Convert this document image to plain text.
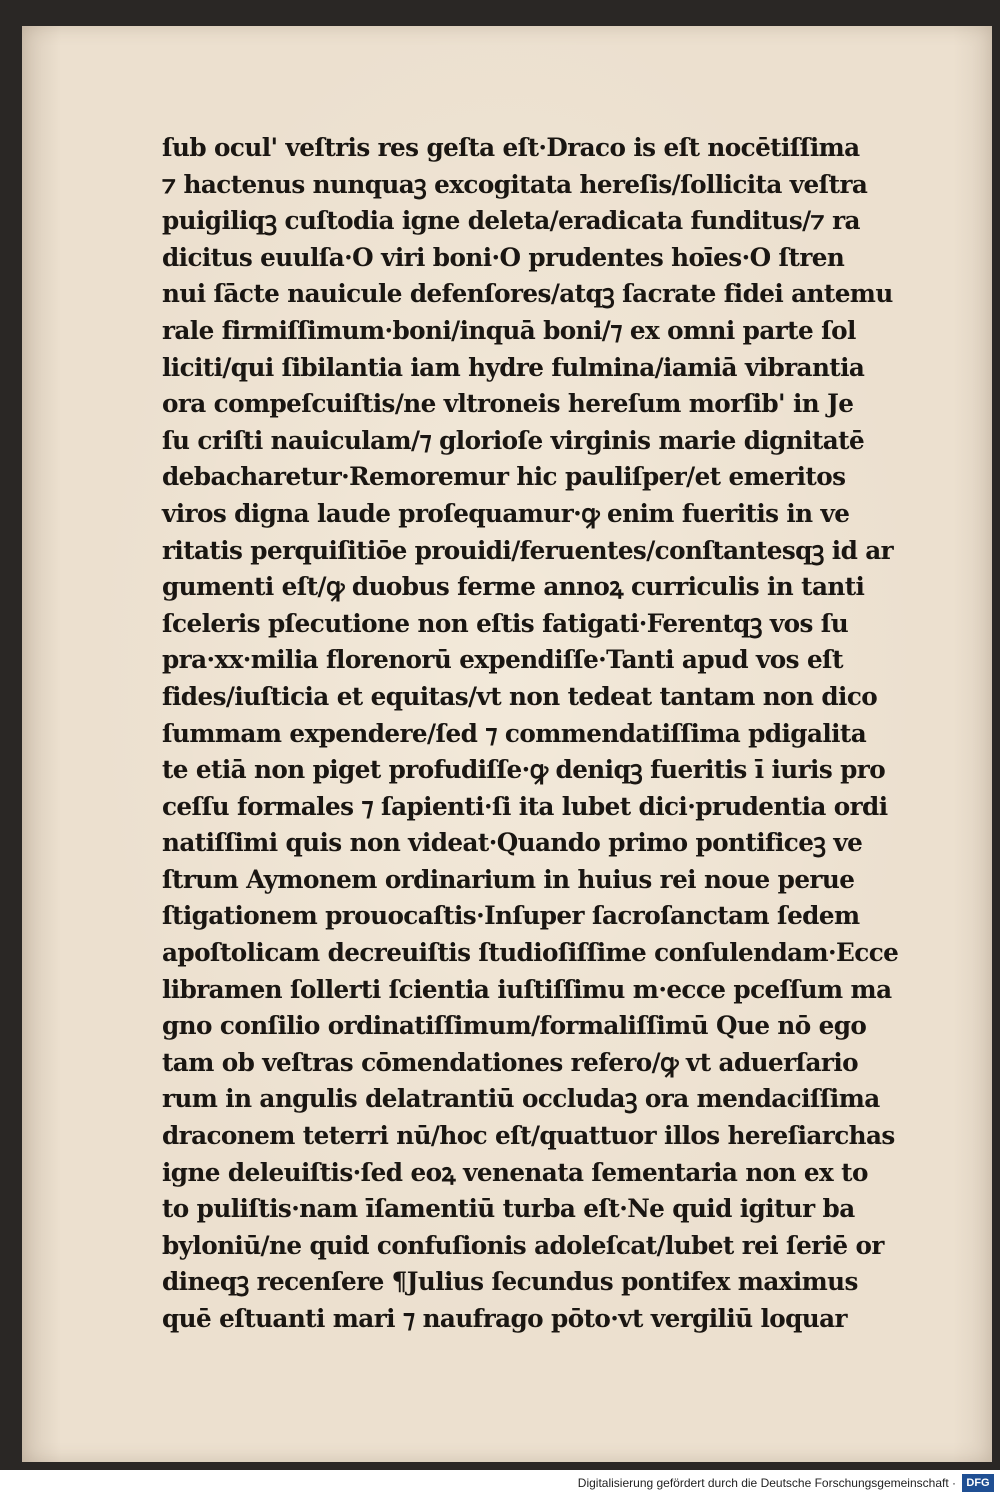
ſub ocul' veſtris res geſta eſt·Draco is eſt nocētiſſima
⁊ hactenus nunquaꝫ excogitata hereſis/ſollicita veſtra
puigiliqꝫ cuſtodia igne deleta/eradicata funditus/⁊ ra
dicitus euulſa·O viri boni·O prudentes hoīes·O ſtren
nui ſācte nauicule defenſores/atqꝫ ſacrate fidei antemu
rale firmiſſimum·boni/inquā boni/⁊ ex omni parte ſol
liciti/qui ſibilantia iam hydre fulmina/iamiā vibrantia
ora compeſcuiſtis/ne vltroneis hereſum morſib' in Je
ſu criſti nauiculam/⁊ glorioſe virginis marie dignitatē
debacharetur·Remoremur hic pauliſper/et emeritos
viros digna laude proſequamur·ꝙ enim fueritis in ve
ritatis perquiſitiōe prouidi/feruentes/conſtantesqꝫ id ar
gumenti eſt/ꝙ duobus ferme annoꝝ curriculis in tanti
ſceleris pſecutione non eſtis fatigati·Ferentqꝫ vos ſu
pra·xx·milia florenorū expendiſſe·Tanti apud vos eſt
fides/iuſticia et equitas/vt non tedeat tantam non dico
ſummam expendere/ſed ⁊ commendatiſſima pdigalita
te etiā non piget profudiſſe·ꝙ deniqꝫ fueritis ī iuris pro
ceſſu formales ⁊ ſapienti·ſi ita lubet dici·prudentia ordi
natiſſimi quis non videat·Quando primo pontificeꝫ ve
ſtrum Aymonem ordinarium in huius rei noue perue
ſtigationem prouocaſtis·Inſuper ſacroſanctam ſedem
apoſtolicam decreuiſtis ſtudioſiſſime conſulendam·Ecce
libramen ſollerti ſcientia iuſtiſſimu m·ecce pceſſum ma
gno conſilio ordinatiſſimum/formaliſſimū Que nō ego
tam ob veſtras cōmendationes refero/ꝙ vt aduerſario
rum in angulis delatrantiū occludaꝫ ora mendaciſſima
draconem teterri nū/hoc eſt/quattuor illos hereſiarchas
igne deleuiſtis·ſed eoꝝ venenata ſementaria non ex to
to puliſtis·nam īſamentiū turba eſt·Ne quid igitur ba
byloniū/ne quid confuſionis adoleſcat/lubet rei ſeriē or
dineqꝫ recenſere ¶Julius ſecundus pontifex maximus
quē eſtuanti mari ⁊ naufrago pōto·vt vergiliū loquar
Digitalisierung gefördert durch die Deutsche Forschungsgemeinschaft · DFG
